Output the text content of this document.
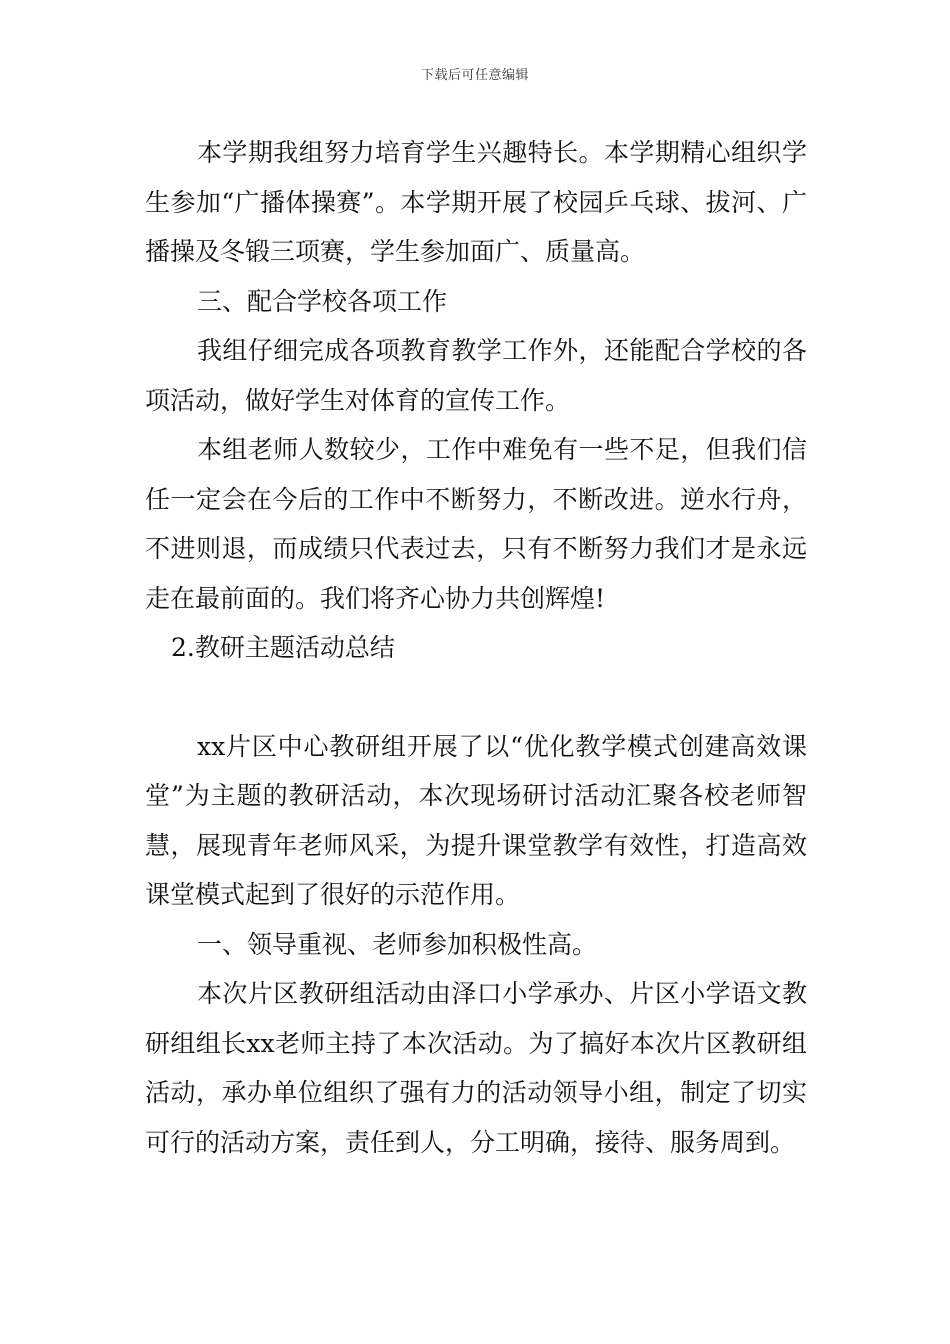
下载后可任意编辑

本学期我组努力培育学生兴趣特长。本学期精心组织学生参加“广播体操赛”。本学期开展了校园乒乓球、拔河、广播操及冬锻三项赛，学生参加面广、质量高。

三、配合学校各项工作

我组仔细完成各项教育教学工作外，还能配合学校的各项活动，做好学生对体育的宣传工作。

本组老师人数较少，工作中难免有一些不足，但我们信任一定会在今后的工作中不断努力，不断改进。逆水行舟，不进则退，而成绩只代表过去，只有不断努力我们才是永远走在最前面的。我们将齐心协力共创辉煌!

2.教研主题活动总结

xx片区中心教研组开展了以“优化教学模式创建高效课堂”为主题的教研活动，本次现场研讨活动汇聚各校老师智慧，展现青年老师风采，为提升课堂教学有效性，打造高效课堂模式起到了很好的示范作用。

一、领导重视、老师参加积极性高。

本次片区教研组活动由泽口小学承办、片区小学语文教研组组长xx老师主持了本次活动。为了搞好本次片区教研组活动，承办单位组织了强有力的活动领导小组，制定了切实可行的活动方案，责任到人，分工明确，接待、服务周到。
